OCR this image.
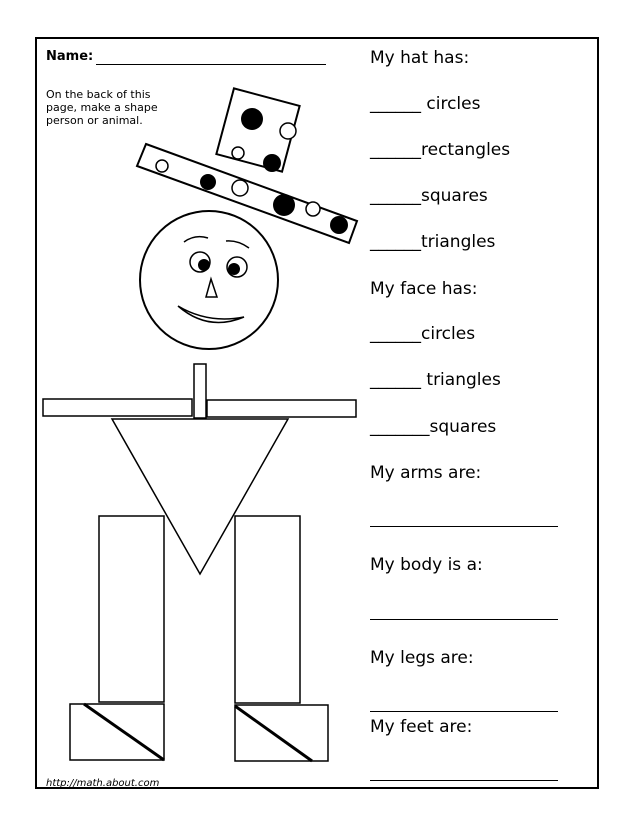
Name:
On the back of this
page, make a shape
person or animal.
My hat has:
______ circles
______rectangles
______squares
______triangles
My face has:
______circles
______ triangles
_______squares
My arms are:
My body is a:
My legs are:
My feet are:
http://math.about.com
